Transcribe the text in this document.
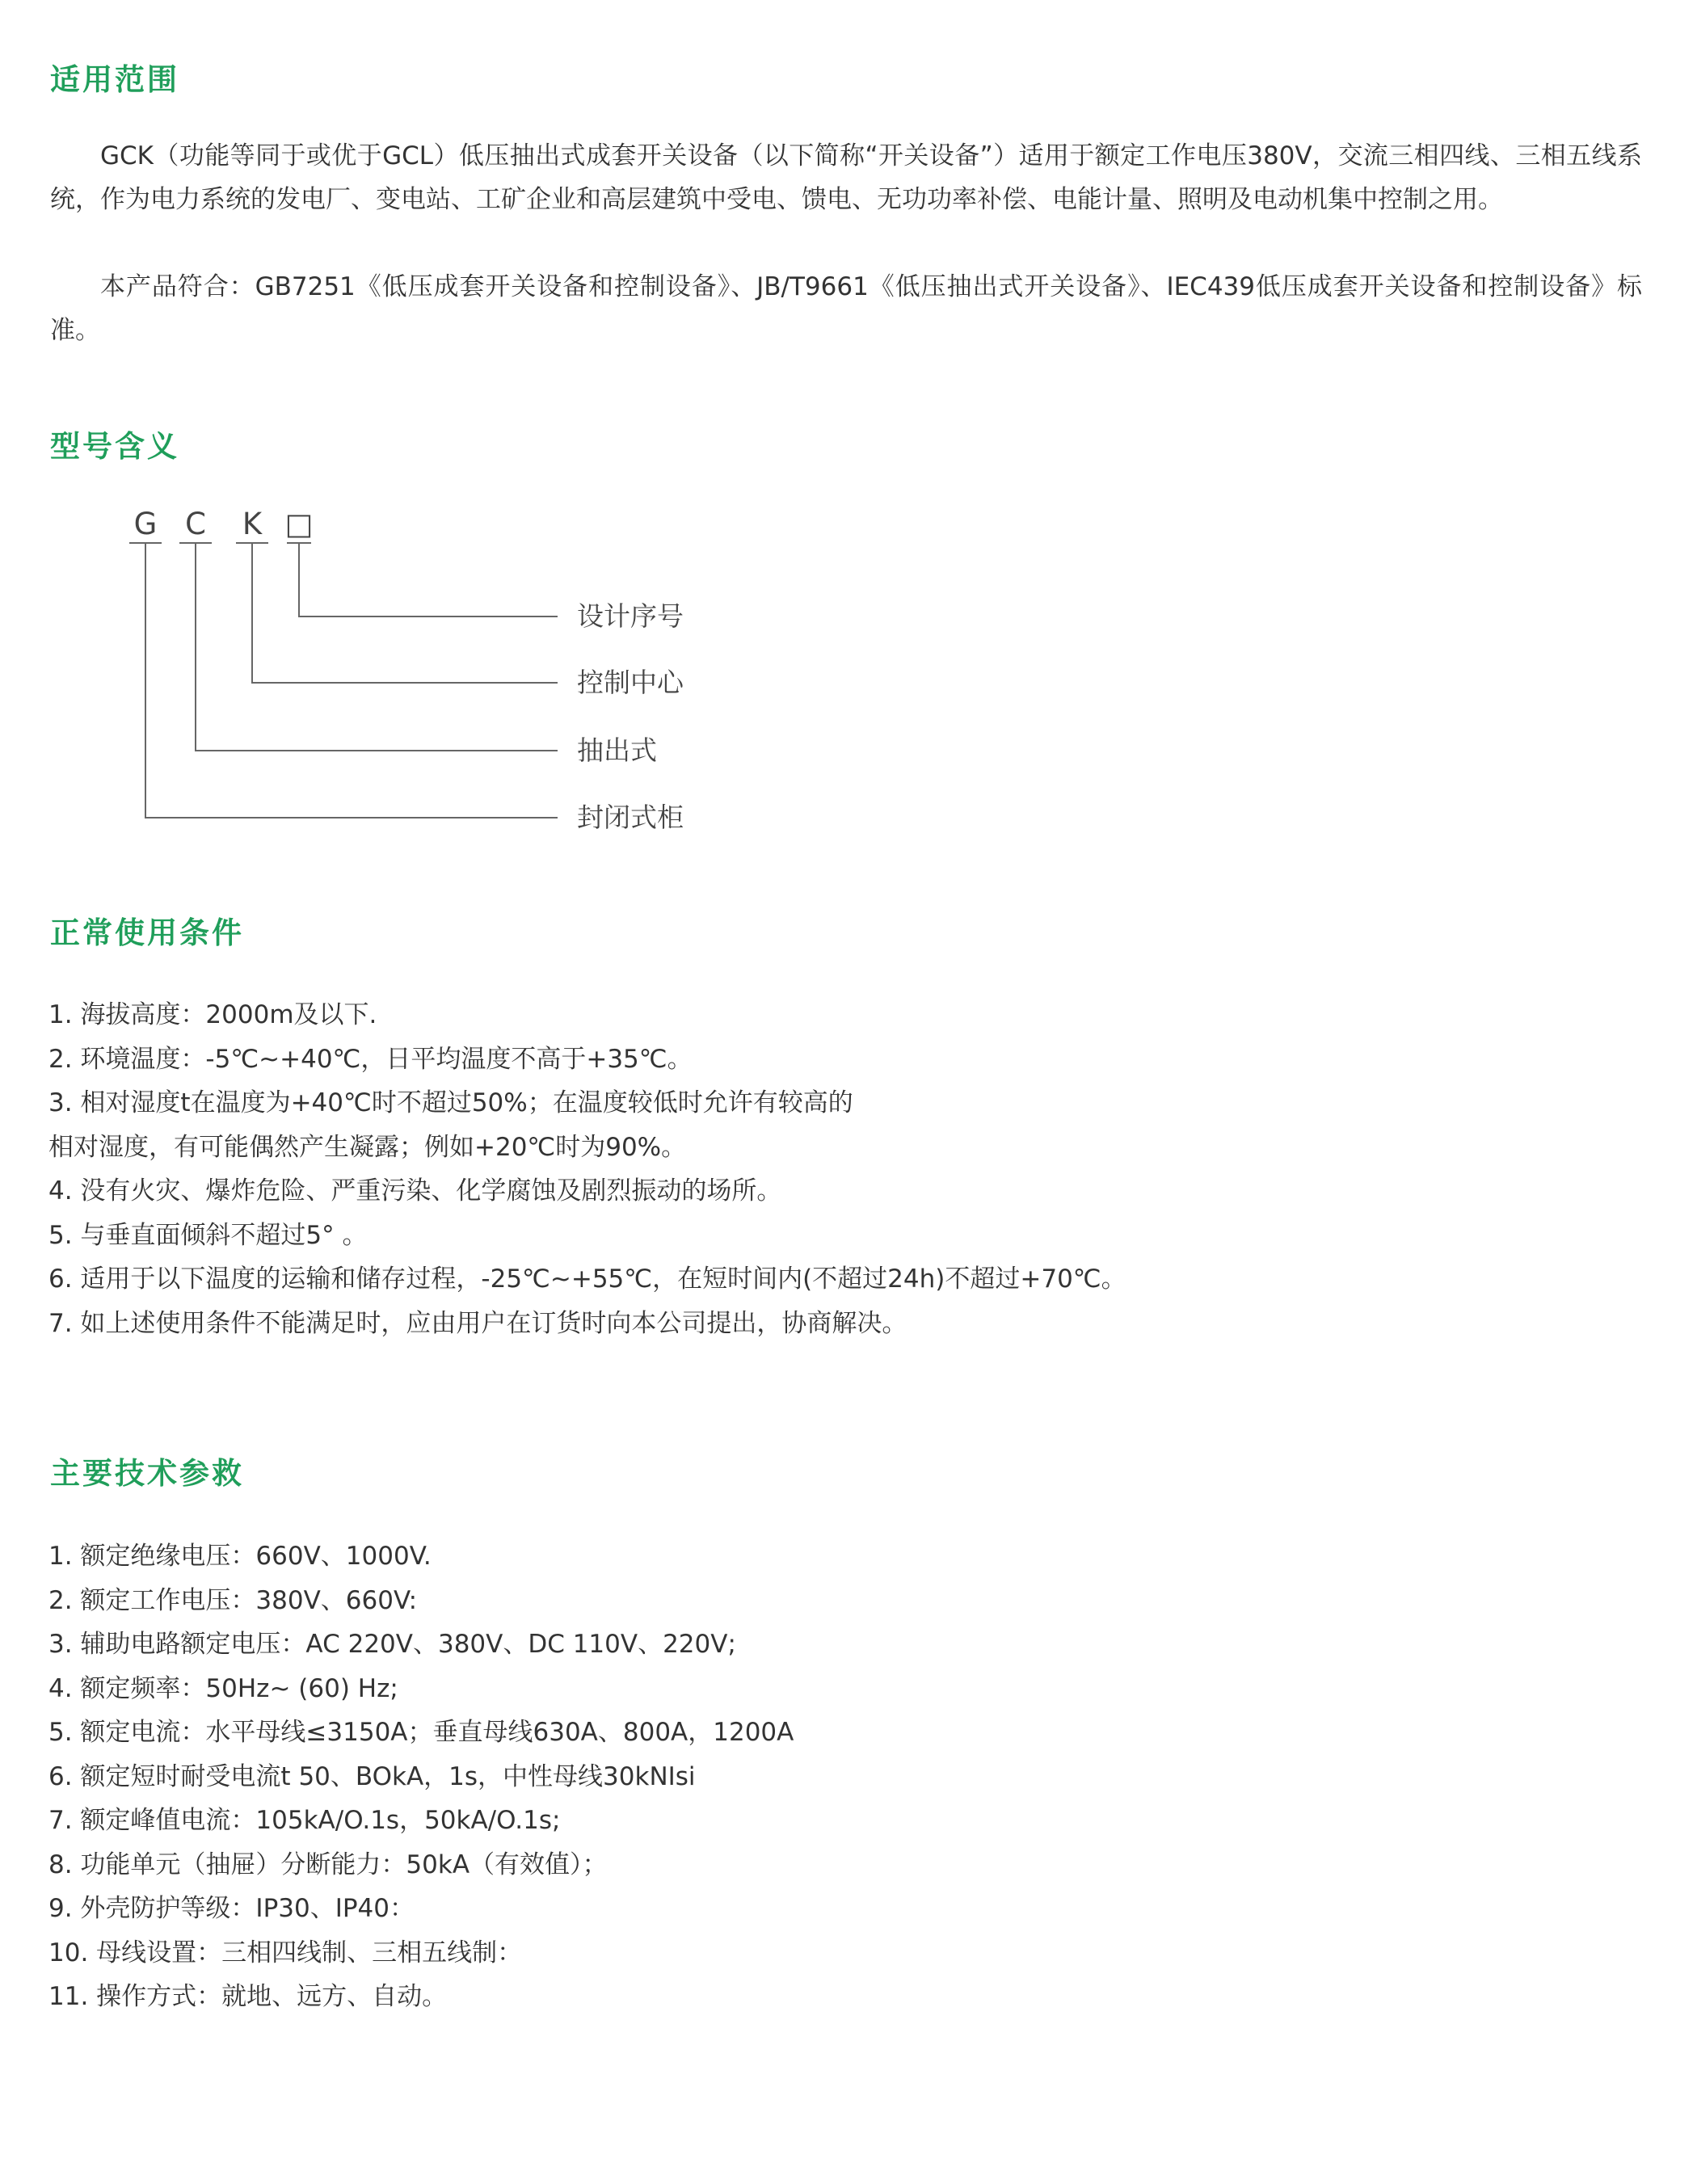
适用范围

GCK（功能等同于或优于GCL）低压抽出式成套开关设备（以下简称“开关设备”）适用于额定工作电压380V，交流三相四线、三相五线系统，作为电力系统的发电厂、变电站、工矿企业和高层建筑中受电、馈电、无功功率补偿、电能计量、照明及电动机集中控制之用。

本产品符合：GB7251《低压成套开关设备和控制设备》、JB/T9661《低压抽出式开关设备》、IEC439低压成套开关设备和控制设备》标准。

型号含义
G C K □
设计序号
控制中心
抽出式
封闭式柜
正常使用条件
1. 海拔高度：2000m及以下.
2. 环境温度：-5℃~+40℃，日平均温度不高于+35℃。
3. 相对湿度t在温度为+40℃时不超过50%；在温度较低时允许有较高的相对湿度，有可能偶然产生凝露；例如+20℃时为90%。
4. 没有火灾、爆炸危险、严重污染、化学腐蚀及剧烈振动的场所。
5. 与垂直面倾斜不超过5° 。
6. 适用于以下温度的运输和储存过程，-25℃~+55℃，在短时间内(不超过24h)不超过+70℃。
7. 如上述使用条件不能满足时，应由用户在订货时向本公司提出，协商解决。
主要技术参救
1. 额定绝缘电压：660V、1000V.
2. 额定工作电压：380V、660V:
3. 辅助电路额定电压：AC 220V、380V、DC 110V、220V;
4. 额定频率：50Hz~ (60) Hz;
5. 额定电流：水平母线≤3150A；垂直母线630A、800A，1200A
6. 额定短时耐受电流t 50、BOkA，1s，中性母线30kNIsi
7. 额定峰值电流：105kA/O.1s，50kA/O.1s;
8. 功能单元（抽屉）分断能力：50kA（有效值）；
9. 外壳防护等级：IP30、IP40：
10. 母线设置：三相四线制、三相五线制：
11. 操作方式：就地、远方、自动。
